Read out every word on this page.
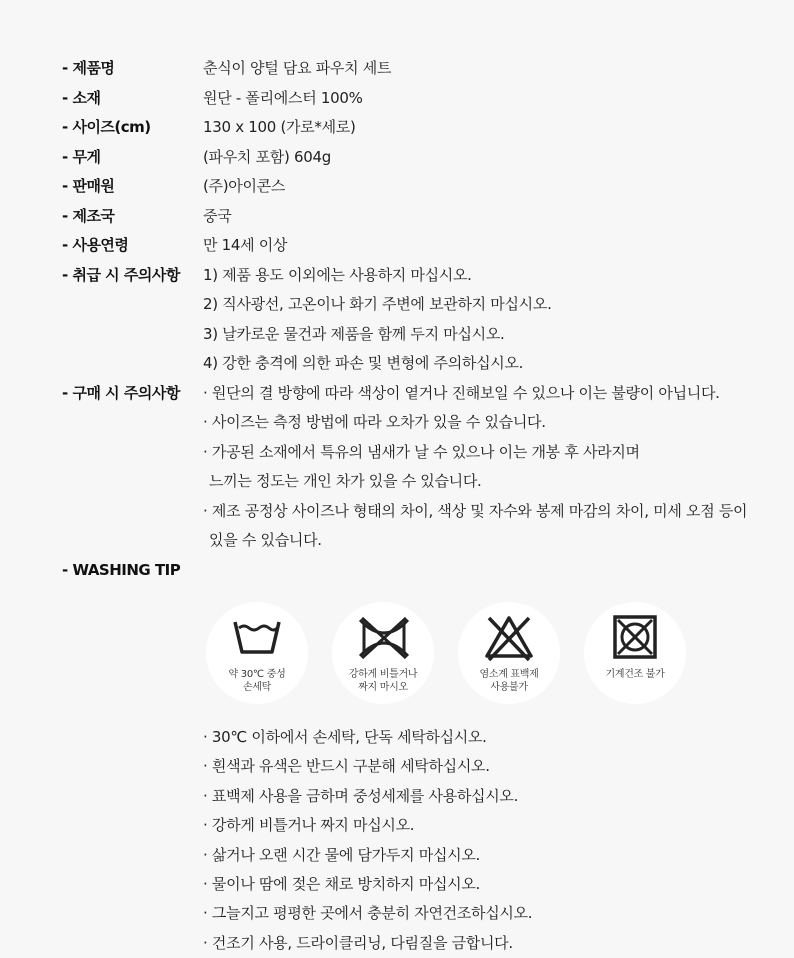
- 제품명	춘식이 양털 담요 파우치 세트
- 소재	원단 - 폴리에스터 100%
- 사이즈(cm)	130 x 100 (가로*세로)
- 무게	(파우치 포함) 604g
- 판매원	(주)아이콘스
- 제조국	중국
- 사용연령	만 14세 이상
- 취급 시 주의사항	1) 제품 용도 이외에는 사용하지 마십시오.
2) 직사광선, 고온이나 화기 주변에 보관하지 마십시오.
3) 날카로운 물건과 제품을 함께 두지 마십시오.
4) 강한 충격에 의한 파손 및 변형에 주의하십시오.
- 구매 시 주의사항	· 원단의 결 방향에 따라 색상이 옅거나 진해보일 수 있으나 이는 불량이 아닙니다.
· 사이즈는 측정 방법에 따라 오차가 있을 수 있습니다.
· 가공된 소재에서 특유의 냄새가 날 수 있으나 이는 개봉 후 사라지며
느끼는 정도는 개인 차가 있을 수 있습니다.
· 제조 공정상 사이즈나 형태의 차이, 색상 및 자수와 봉제 마감의 차이, 미세 오점 등이
있을 수 있습니다.
- WASHING TIP
약 30℃ 중성
손세탁
강하게 비틀거나
짜지 마시오
염소계 표백제
사용불가
기계건조 불가
· 30℃ 이하에서 손세탁, 단독 세탁하십시오.
· 흰색과 유색은 반드시 구분해 세탁하십시오.
· 표백제 사용을 금하며 중성세제를 사용하십시오.
· 강하게 비틀거나 짜지 마십시오.
· 삶거나 오랜 시간 물에 담가두지 마십시오.
· 물이나 땀에 젖은 채로 방치하지 마십시오.
· 그늘지고 평평한 곳에서 충분히 자연건조하십시오.
· 건조기 사용, 드라이클리닝, 다림질을 금합니다.
